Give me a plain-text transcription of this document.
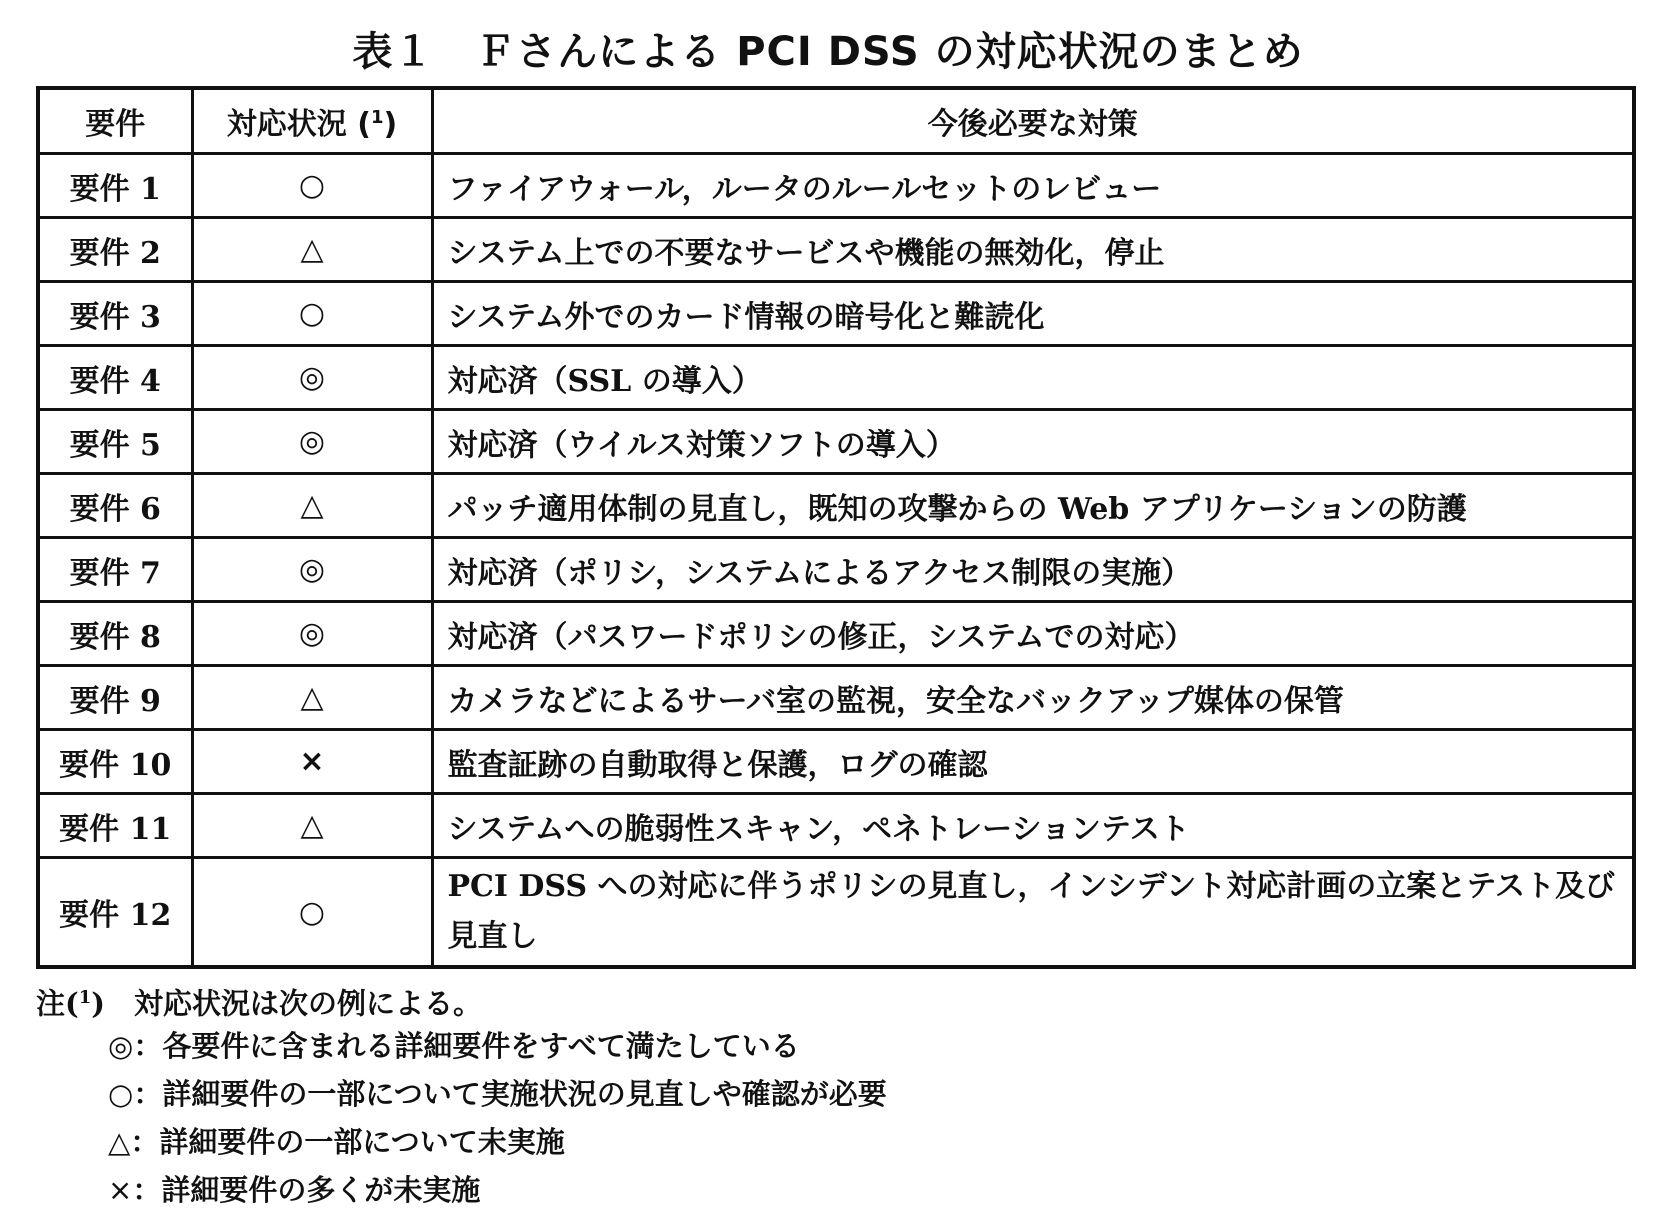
表１　Ｆさんによる PCI DSS の対応状況のまとめ
要件	対応状況 ($^1$)	今後必要な対策
要件 1	○	ファイアウォール，ルータのルールセットのレビュー
要件 2	△	システム上での不要なサービスや機能の無効化，停止
要件 3	○	システム外でのカード情報の暗号化と難読化
要件 4	◎	対応済（SSL の導入）
要件 5	◎	対応済（ウイルス対策ソフトの導入）
要件 6	△	パッチ適用体制の見直し，既知の攻撃からの Web アプリケーションの防護
要件 7	◎	対応済（ポリシ，システムによるアクセス制限の実施）
要件 8	◎	対応済（パスワードポリシの修正，システムでの対応）
要件 9	△	カメラなどによるサーバ室の監視，安全なバックアップ媒体の保管
要件 10	×	監査証跡の自動取得と保護，ログの確認
要件 11	△	システムへの脆弱性スキャン，ペネトレーションテスト
要件 12	○	PCI DSS への対応に伴うポリシの見直し，インシデント対応計画の立案とテスト及び見直し
注($^1$)　対応状況は次の例による。
◎：各要件に含まれる詳細要件をすべて満たしている
○：詳細要件の一部について実施状況の見直しや確認が必要
△：詳細要件の一部について未実施
×：詳細要件の多くが未実施
